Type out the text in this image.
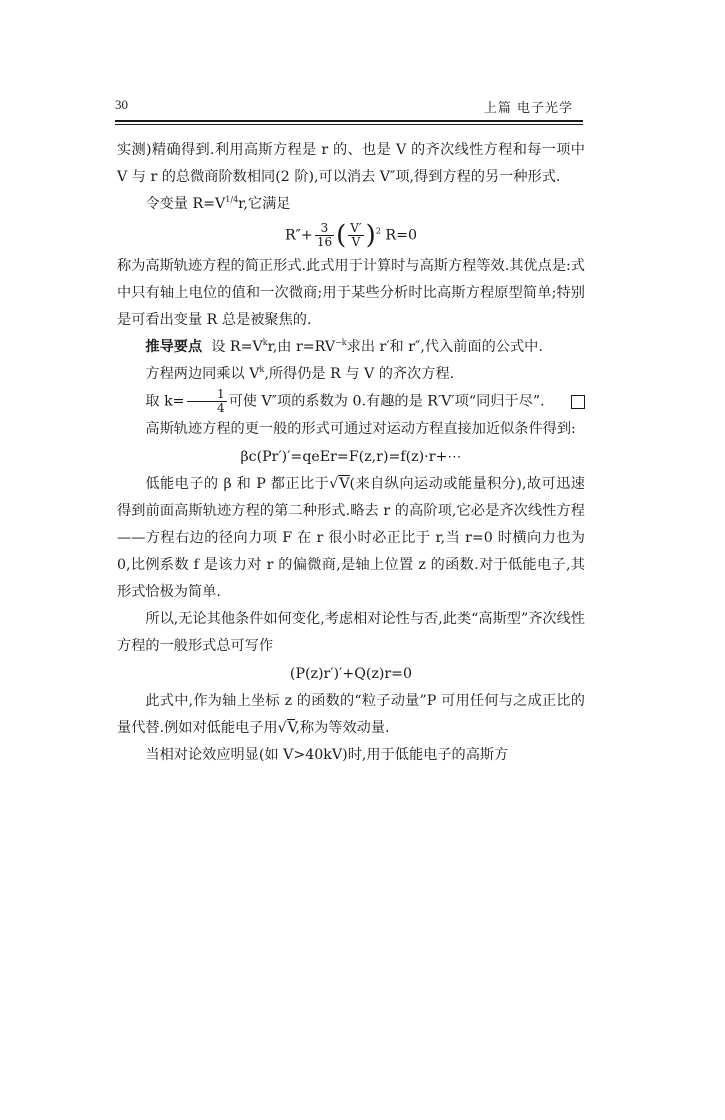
30	上篇 电子光学

实测)精确得到.利用高斯方程是 r 的、也是 V 的齐次线性方程和每一项中 V 与 r 的总微商阶数相同(2 阶),可以消去 V″项,得到方程的另一种形式.

令变量 $R=V^{1/4}r$,它满足

$R''+ \frac{3}{16}$ ( $\frac{V'}{V} )^2$ R=0

称为高斯轨迹方程的简正形式.此式用于计算时与高斯方程等效.其优点是:式中只有轴上电位的值和一次微商;用于某些分析时比高斯方程原型简单;特别是可看出变量 R 总是被聚焦的.

推导要点 设 $R=V^kr$,由 $r=RV^{-k}$求出 r′和 r″,代入前面的公式中.

方程两边同乘以 $V^k$,所得仍是 R 与 V 的齐次方程.

取 $k= \frac{1}{4}$ 可使 V″项的系数为 0.有趣的是 R′V′项“同归于尽”.

高斯轨迹方程的更一般的形式可通过对运动方程直接加近似条件得到:

βc(Pr′)′=qeEr=F(z,r)=f(z)·r+⋯

低能电子的 β 和 P 都正比于√V(来自纵向运动或能量积分),故可迅速得到前面高斯轨迹方程的第二种形式.略去 r 的高阶项,它必是齐次线性方程——方程右边的径向力项 F 在 r 很小时必正比于 r,当 r=0 时横向力也为 0,比例系数 f 是该力对 r 的偏微商,是轴上位置 z 的函数.对于低能电子,其形式恰极为简单.

所以,无论其他条件如何变化,考虑相对论性与否,此类“高斯型”齐次线性方程的一般形式总可写作

(P(z)r′)′+Q(z)r=0

此式中,作为轴上坐标 z 的函数的“粒子动量”P 可用任何与之成正比的量代替.例如对低能电子用√V,称为等效动量.

当相对论效应明显(如 V>40kV)时,用于低能电子的高斯方
